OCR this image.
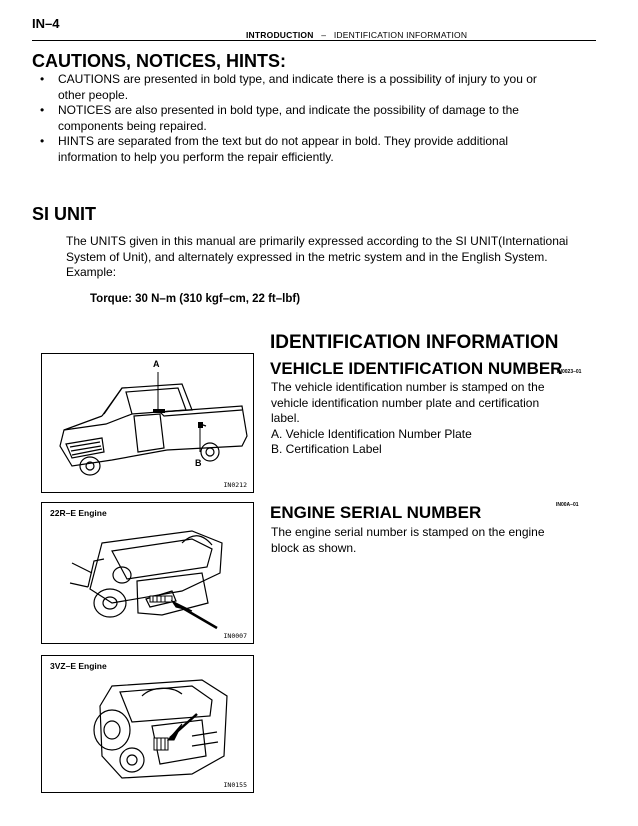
IN–4
INTRODUCTION – IDENTIFICATION INFORMATION
CAUTIONS, NOTICES, HINTS:
• CAUTIONS are presented in bold type, and indicate there is a possibility of injury to you or other people.
• NOTICES are also presented in bold type, and indicate the possibility of damage to the components being repaired.
• HINTS are separated from the text but do not appear in bold. They provide additional information to help you perform the repair efficiently.
SI UNIT
The UNITS given in this manual are primarily expressed according to the SI UNIT(Internationai System of Unit), and alternately expressed in the metric system and in the English System.
Example:
Torque: 30 N–m (310 kgf–cm, 22 ft–lbf)
IDENTIFICATION INFORMATION
VEHICLE IDENTIFICATION NUMBER
IN0023–01
The vehicle identification number is stamped on the vehicle identification number plate and certification label.
A. Vehicle Identification Number Plate
B. Certification Label
IN00A–01
ENGINE SERIAL NUMBER
The engine serial number is stamped on the engine block as shown.
A
B
IN0212
22R–E Engine
IN0007
3VZ–E Engine
IN0155
